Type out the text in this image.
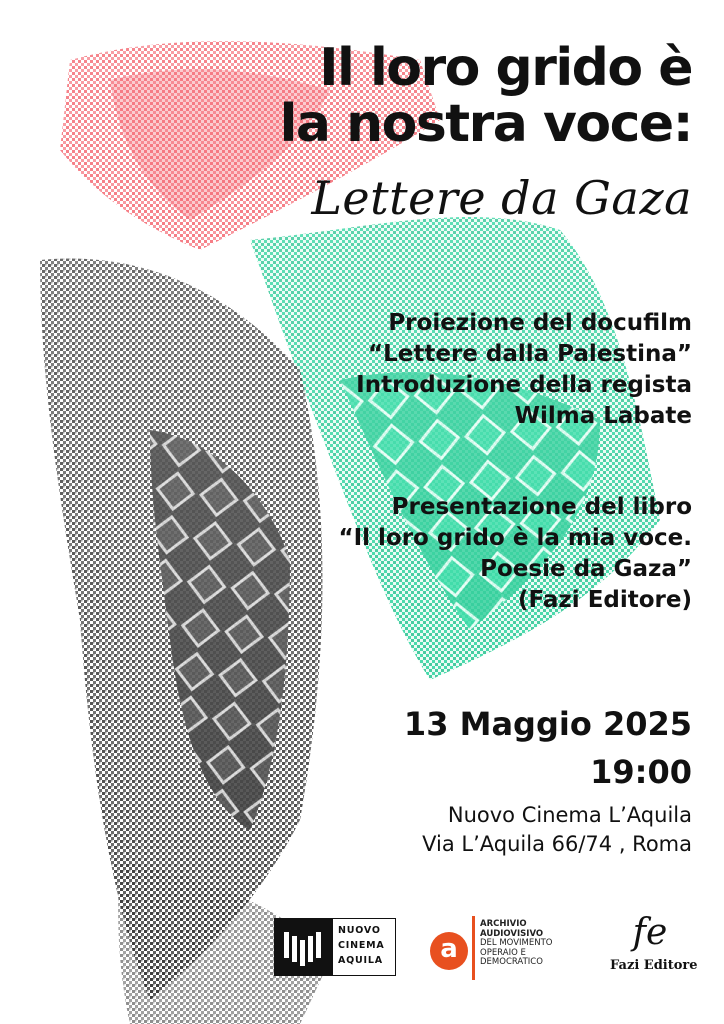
Il loro grido è
la nostra voce:
Lettere da Gaza
Proiezione del docufilm
“Lettere dalla Palestina”
Introduzione della regista
Wilma Labate
Presentazione del libro
“Il loro grido è la mia voce.
Poesie da Gaza”
(Fazi Editore)
13 Maggio 2025
19:00
Nuovo Cinema L’Aquila
Via L’Aquila 66/74 , Roma
NUOVO
CINEMA
AQUILA	a
ARCHIVIO
AUDIOVISIVO
DEL MOVIMENTO
OPERAIO E
DEMOCRATICO
fe
Fazi Editore
